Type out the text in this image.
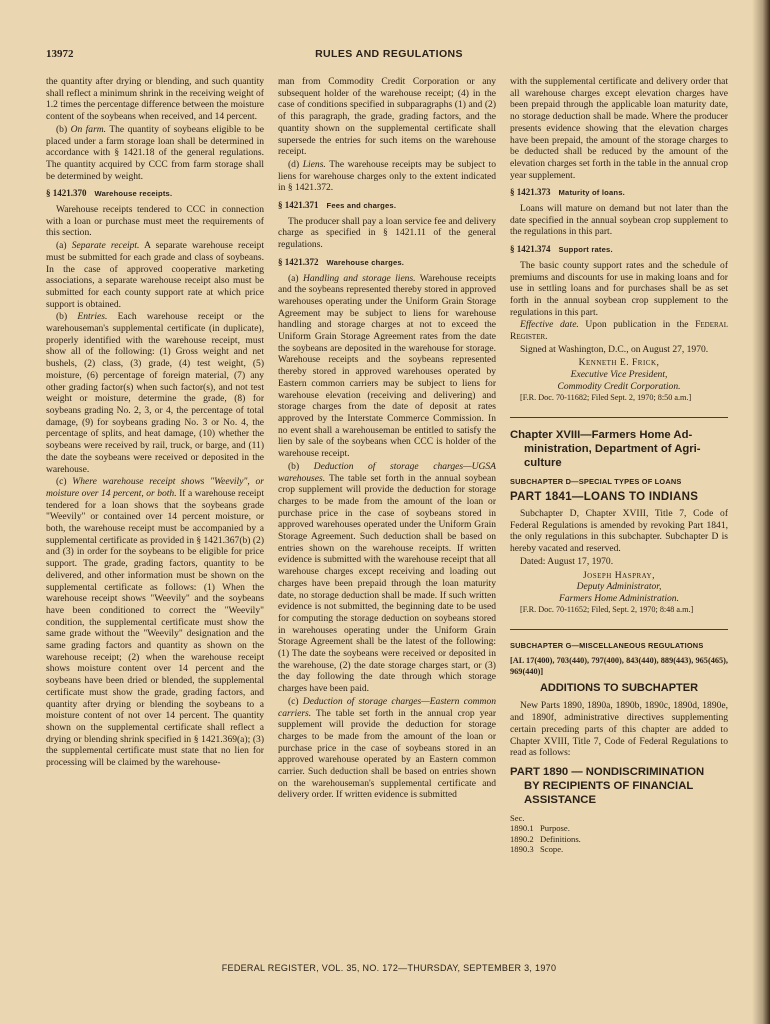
13972	RULES AND REGULATIONS

the quantity after drying or blending, and such quantity shall reflect a minimum shrink in the receiving weight of 1.2 times the percentage difference between the moisture content of the soybeans when received, and 14 percent.

(b) On farm. The quantity of soybeans eligible to be placed under a farm storage loan shall be determined in accordance with § 1421.18 of the general regulations. The quantity acquired by CCC from farm storage shall be determined by weight.

§ 1421.370 Warehouse receipts.

Warehouse receipts tendered to CCC in connection with a loan or purchase must meet the requirements of this section.

(a) Separate receipt. A separate warehouse receipt must be submitted for each grade and class of soybeans. In the case of approved cooperative marketing associations, a separate warehouse receipt also must be submitted for each county support rate at which price support is obtained.

(b) Entries. Each warehouse receipt or the warehouseman's supplemental certificate (in duplicate), properly identified with the warehouse receipt, must show all of the following: (1) Gross weight and net bushels, (2) class, (3) grade, (4) test weight, (5) moisture, (6) percentage of foreign material, (7) any other grading factor(s) when such factor(s), and not test weight or moisture, determine the grade, (8) for soybeans grading No. 2, 3, or 4, the percentage of total damage, (9) for soybeans grading No. 3 or No. 4, the percentage of splits, and heat damage, (10) whether the soybeans were received by rail, truck, or barge, and (11) the date the soybeans were received or deposited in the warehouse.

(c) Where warehouse receipt shows "Weevily", or moisture over 14 percent, or both. If a warehouse receipt tendered for a loan shows that the soybeans grade "Weevily" or contained over 14 percent moisture, or both, the warehouse receipt must be accompanied by a supplemental certificate as provided in § 1421.367(b) (2) and (3) in order for the soybeans to be eligible for price support. The grade, grading factors, quantity to be delivered, and other information must be shown on the supplemental certificate as follows: (1) When the warehouse receipt shows "Weevily" and the soybeans have been conditioned to correct the "Weevily" condition, the supplemental certificate must show the same grade without the "Weevily" designation and the same grading factors and quantity as shown on the warehouse receipt; (2) when the warehouse receipt shows moisture content over 14 percent and the soybeans have been dried or blended, the supplemental certificate must show the grade, grading factors, and quantity after drying or blending the soybeans to a moisture content of not over 14 percent. The quantity shown on the supplemental certificate shall reflect a drying or blending shrink specified in § 1421.369(a); (3) the supplemental certificate must state that no lien for processing will be claimed by the warehouse-

man from Commodity Credit Corporation or any subsequent holder of the warehouse receipt; (4) in the case of conditions specified in subparagraphs (1) and (2) of this paragraph, the grade, grading factors, and the quantity shown on the supplemental certificate shall supersede the entries for such items on the warehouse receipt.

(d) Liens. The warehouse receipts may be subject to liens for warehouse charges only to the extent indicated in § 1421.372.

§ 1421.371 Fees and charges.

The producer shall pay a loan service fee and delivery charge as specified in § 1421.11 of the general regulations.

§ 1421.372 Warehouse charges.

(a) Handling and storage liens. Warehouse receipts and the soybeans represented thereby stored in approved warehouses operating under the Uniform Grain Storage Agreement may be subject to liens for warehouse handling and storage charges at not to exceed the Uniform Grain Storage Agreement rates from the date the soybeans are deposited in the warehouse for storage. Warehouse receipts and the soybeans represented thereby stored in approved warehouses operated by Eastern common carriers may be subject to liens for warehouse elevation (receiving and delivering) and storage charges from the date of deposit at rates approved by the Interstate Commerce Commission. In no event shall a warehouseman be entitled to satisfy the lien by sale of the soybeans when CCC is holder of the warehouse receipt.

(b) Deduction of storage charges—UGSA warehouses. The table set forth in the annual soybean crop supplement will provide the deduction for storage charges to be made from the amount of the loan or purchase price in the case of soybeans stored in approved warehouses operated under the Uniform Grain Storage Agreement. Such deduction shall be based on entries shown on the warehouse receipts. If written evidence is submitted with the warehouse receipt that all warehouse charges except receiving and loading out charges have been prepaid through the loan maturity date, no storage deduction shall be made. If such written evidence is not submitted, the beginning date to be used for computing the storage deduction on soybeans stored in warehouses operating under the Uniform Grain Storage Agreement shall be the latest of the following: (1) The date the soybeans were received or deposited in the warehouse, (2) the date storage charges start, or (3) the day following the date through which storage charges have been paid.

(c) Deduction of storage charges—Eastern common carriers. The table set forth in the annual crop year supplement will provide the deduction for storage charges to be made from the amount of the loan or purchase price in the case of soybeans stored in an approved warehouse operated by an Eastern common carrier. Such deduction shall be based on entries shown on the warehouseman's supplemental certificate and delivery order. If written evidence is submitted

with the supplemental certificate and delivery order that all warehouse charges except elevation charges have been prepaid through the applicable loan maturity date, no storage deduction shall be made. Where the producer presents evidence showing that the elevation charges have been prepaid, the amount of the storage charges to be deducted shall be reduced by the amount of the elevation charges set forth in the table in the annual crop year supplement.

§ 1421.373 Maturity of loans.

Loans will mature on demand but not later than the date specified in the annual soybean crop supplement to the regulations in this part.

§ 1421.374 Support rates.

The basic county support rates and the schedule of premiums and discounts for use in making loans and for use in settling loans and for purchases shall be as set forth in the annual soybean crop supplement to the regulations in this part.

Effective date. Upon publication in the Federal Register.

Signed at Washington, D.C., on August 27, 1970.

Kenneth E. Frick,
Executive Vice President,
Commodity Credit Corporation.

[F.R. Doc. 70-11682; Filed Sept. 2, 1970; 8:50 a.m.]

Chapter XVIII—Farmers Home Ad-
ministration, Department of Agri-
culture
SUBCHAPTER D—SPECIAL TYPES OF LOANS
PART 1841—LOANS TO INDIANS

Subchapter D, Chapter XVIII, Title 7, Code of Federal Regulations is amended by revoking Part 1841, the only regulations in this subchapter. Subchapter D is hereby vacated and reserved.

Dated: August 17, 1970.

Joseph Haspray,
Deputy Administrator,
Farmers Home Administration.

[F.R. Doc. 70-11652; Filed, Sept. 2, 1970; 8:48 a.m.]

SUBCHAPTER G—MISCELLANEOUS REGULATIONS
[AL 17(400), 703(440), 797(400), 843(440), 889(443), 965(465), 969(440)]
ADDITIONS TO SUBCHAPTER

New Parts 1890, 1890a, 1890b, 1890c, 1890d, 1890e, and 1890f, administrative directives supplementing certain preceding parts of this chapter are added to Chapter XVIII, Title 7, Code of Federal Regulations to read as follows:

PART 1890 — NONDISCRIMINATION
BY RECIPIENTS OF FINANCIAL
ASSISTANCE
Sec.
1890.1 Purpose.
1890.2 Definitions.
1890.3 Scope.
FEDERAL REGISTER, VOL. 35, NO. 172—THURSDAY, SEPTEMBER 3, 1970
